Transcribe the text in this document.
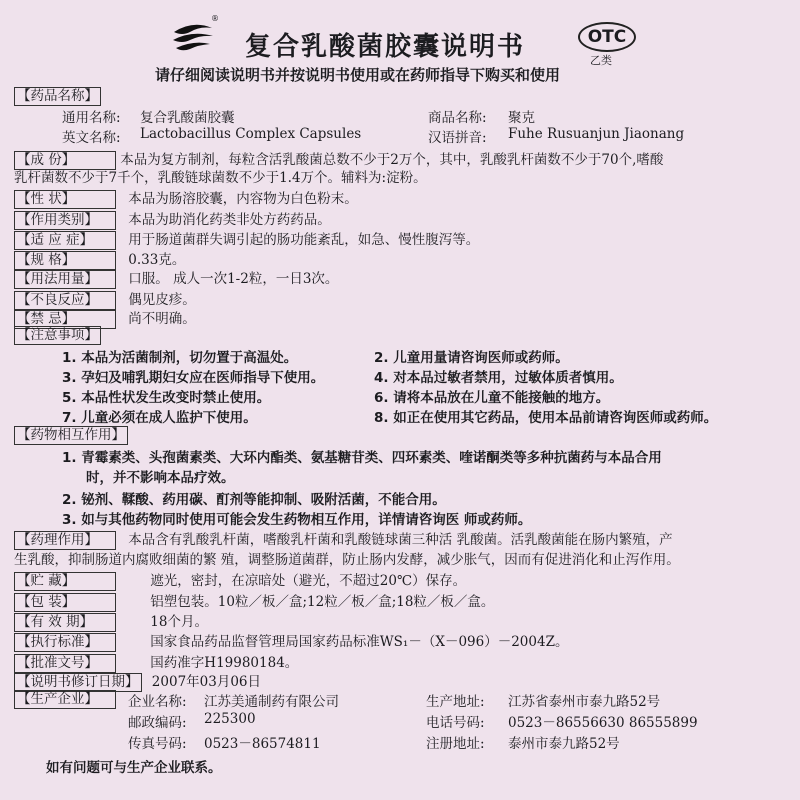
®
复合乳酸菌胶囊说明书	OTC
乙类
请仔细阅读说明书并按说明书使用或在药师指导下购买和使用
【药品名称】
通用名称: 复合乳酸菌胶囊	商品名称: 聚克
英文名称: Lactobacillus Complex Capsules	汉语拼音: Fuhe Rusuanjun Jiaonang
【成 份】	本品为复方制剂，每粒含活乳酸菌总数不少于2万个，其中，乳酸乳杆菌数不少于70个,嗜酸
乳杆菌数不少于7千个，乳酸链球菌数不少于1.4万个。辅料为:淀粉。
【性 状】	本品为肠溶胶囊，内容物为白色粉末。
【作用类别】 本品为助消化药类非处方药药品。
【适 应 症】	用于肠道菌群失调引起的肠功能紊乱，如急、慢性腹泻等。
【规 格】	0.33克。
【用法用量】 口服。 成人一次1-2粒，一日3次。
【不良反应】 偶见皮疹。
【禁 忌】	尚不明确。
【注意事项】
1. 本品为活菌制剂，切勿置于高温处。	2. 儿童用量请咨询医师或药师。
3. 孕妇及哺乳期妇女应在医师指导下使用。	4. 对本品过敏者禁用，过敏体质者慎用。
5. 本品性状发生改变时禁止使用。	6. 请将本品放在儿童不能接触的地方。
7. 儿童必须在成人监护下使用。	8. 如正在使用其它药品，使用本品前请咨询医师或药师。
【药物相互作用】
1. 青霉素类、头孢菌素类、大环内酯类、氨基糖苷类、四环素类、喹诺酮类等多种抗菌药与本品合用
时，并不影响本品疗效。
2. 铋剂、鞣酸、药用碳、酊剂等能抑制、吸附活菌，不能合用。
3. 如与其他药物同时使用可能会发生药物相互作用，详情请咨询医 师或药师。
【药理作用】 本品含有乳酸乳杆菌，嗜酸乳杆菌和乳酸链球菌三种活 乳酸菌。活乳酸菌能在肠内繁殖，产
生乳酸，抑制肠道内腐败细菌的繁 殖，调整肠道菌群，防止肠内发酵，减少胀气，因而有促进消化和止泻作用。
【贮 藏】	遮光，密封，在凉暗处（避光，不超过20℃）保存。
【包 装】	铝塑包装。10粒／板／盒;12粒／板／盒;18粒／板／盒。
【有 效 期】	18个月。
【执行标准】	国家食品药品监督管理局国家药品标准WS₁－（X－096）－2004Z。
【批准文号】	国药准字H19980184。
【说明书修订日期】 2007年03月06日
【生产企业】	企业名称: 江苏美通制药有限公司	生产地址: 江苏省泰州市泰九路52号
邮政编码: 225300	电话号码: 0523－86556630 86555899
传真号码: 0523－86574811	注册地址: 泰州市泰九路52号
如有问题可与生产企业联系。
